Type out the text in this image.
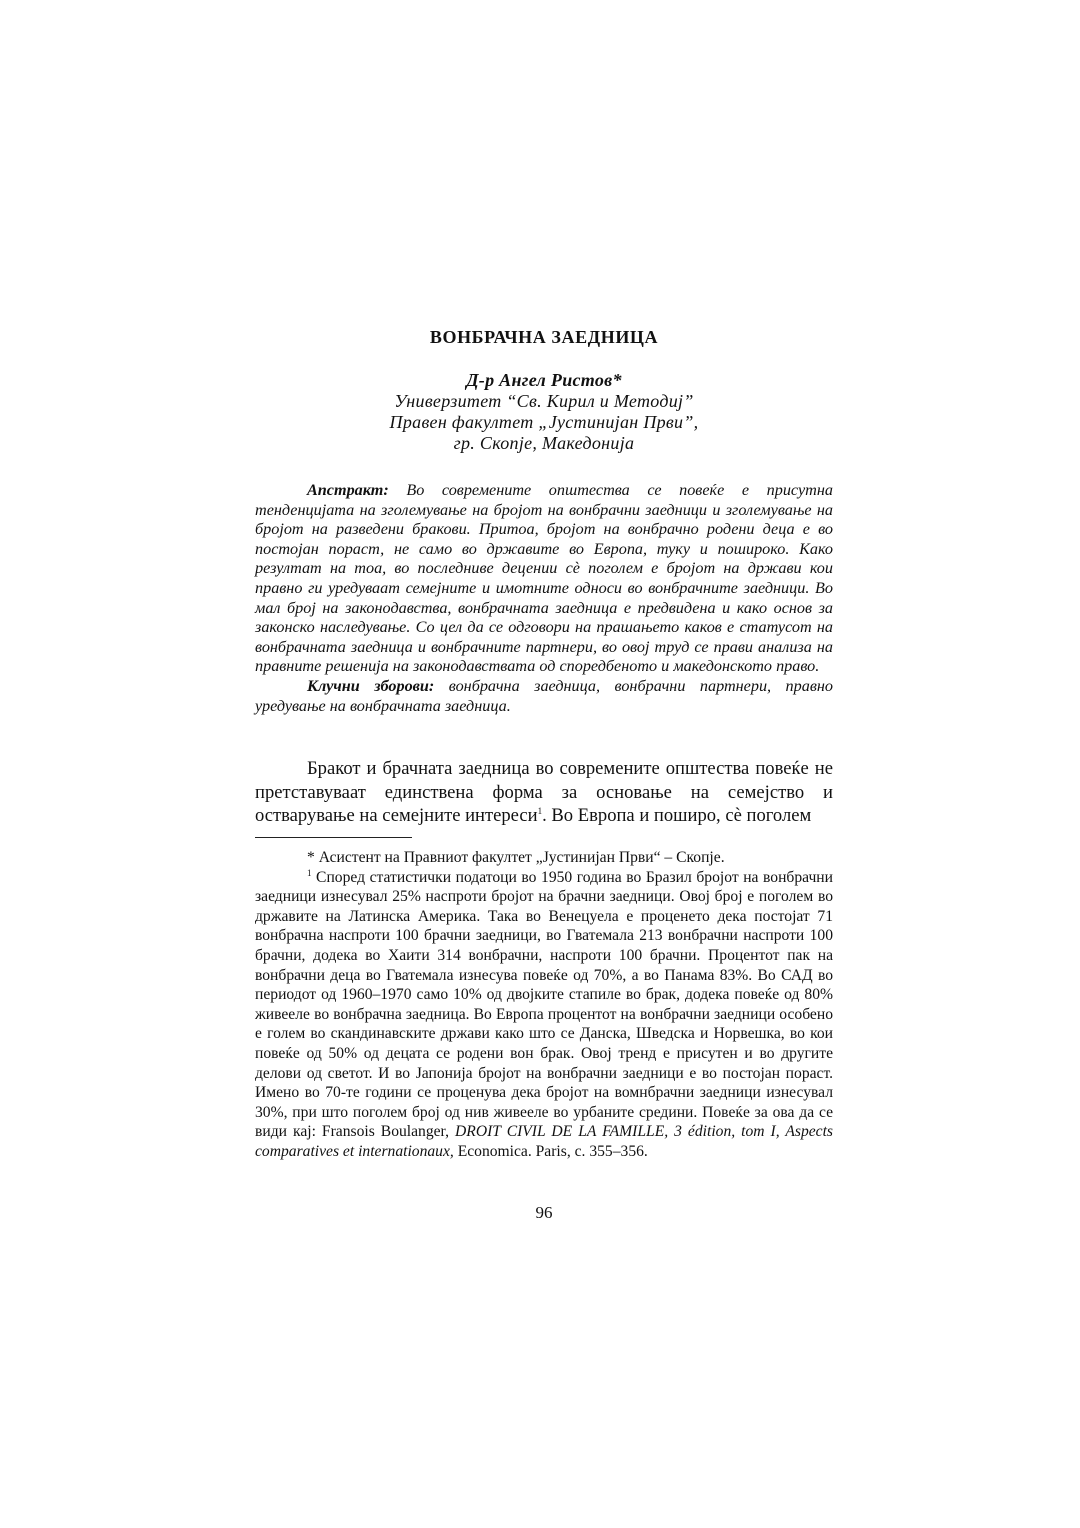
ВОНБРАЧНА ЗАЕДНИЦА
Д-р Ангел Ристов*
Универзитет “Св. Кирил и Методиј”
Правен факултет „Јустинијан Први”,
гр. Скопје, Македонија

Апстракт: Во современите општества се повеќе е присутна тенденцијата на зголемување на бројот на вонбрачни заедници и зголемување на бројот на разведени бракови. Притоа, бројот на вонбрачно родени деца е во постојан пораст, не само во државите во Европа, туку и пошироко. Како резултат на тоа, во последниве децении сѐ поголем е бројот на држави кои правно ги уредуваат семејните и имотните односи во вонбрачните заедници. Во мал број на законодавства, вонбрачната заедница е предвидена и како основ за законско наследување. Со цел да се одговори на прашањето каков е статусот на вонбрачната заедница и вонбрачните партнери, во овој труд се прави анализа на правните решенија на законодавствата од споредбеното и македонското право.

Клучни зборови: вонбрачна заедница, вонбрачни партнери, правно уредување на вонбрачната заедница.

Бракот и брачната заедница во современите општества повеќе не претставуваат единствена форма за основање на семејство и остварување на семејните интереси$^1$. Во Европа и поширо, сѐ поголем

* Асистент на Правниот факултет „Јустинијан Први“ – Скопје.

$^1$ Според статистички податоци во 1950 година во Бразил бројот на вонбрачни заедници изнесувал 25% наспроти бројот на брачни заедници. Овој број е поголем во државите на Латинска Америка. Така во Венецуела е проценето дека постојат 71 вонбрачна наспроти 100 брачни заедници, во Гватемала 213 вонбрачни наспроти 100 брачни, додека во Хаити 314 вонбрачни, наспроти 100 брачни. Процентот пак на вонбрачни деца во Гватемала изнесува повеќе од 70%, а во Панама 83%. Во САД во периодот од 1960–1970 само 10% од двојките стапиле во брак, додека повеќе од 80% живееле во вонбрачна заедница. Во Европа процентот на вонбрачни заедници особено е голем во скандинавските држави како што се Данска, Шведска и Норвешка, во кои повеќе од 50% од децата се родени вон брак. Овој тренд е присутен и во другите делови од светот. И во Јапонија бројот на вонбрачни заедници е во постојан пораст. Имено во 70-те години се проценува дека бројот на вомнбрачни заедници изнесувал 30%, при што поголем број од нив живееле во урбаните средини. Повеќе за ова да се види кај: Fransois Boulanger, DROIT CIVIL DE LA FAMILLE, 3 édition, tom I, Aspects comparatives et internationaux, Economica. Paris, с. 355–356.

96
